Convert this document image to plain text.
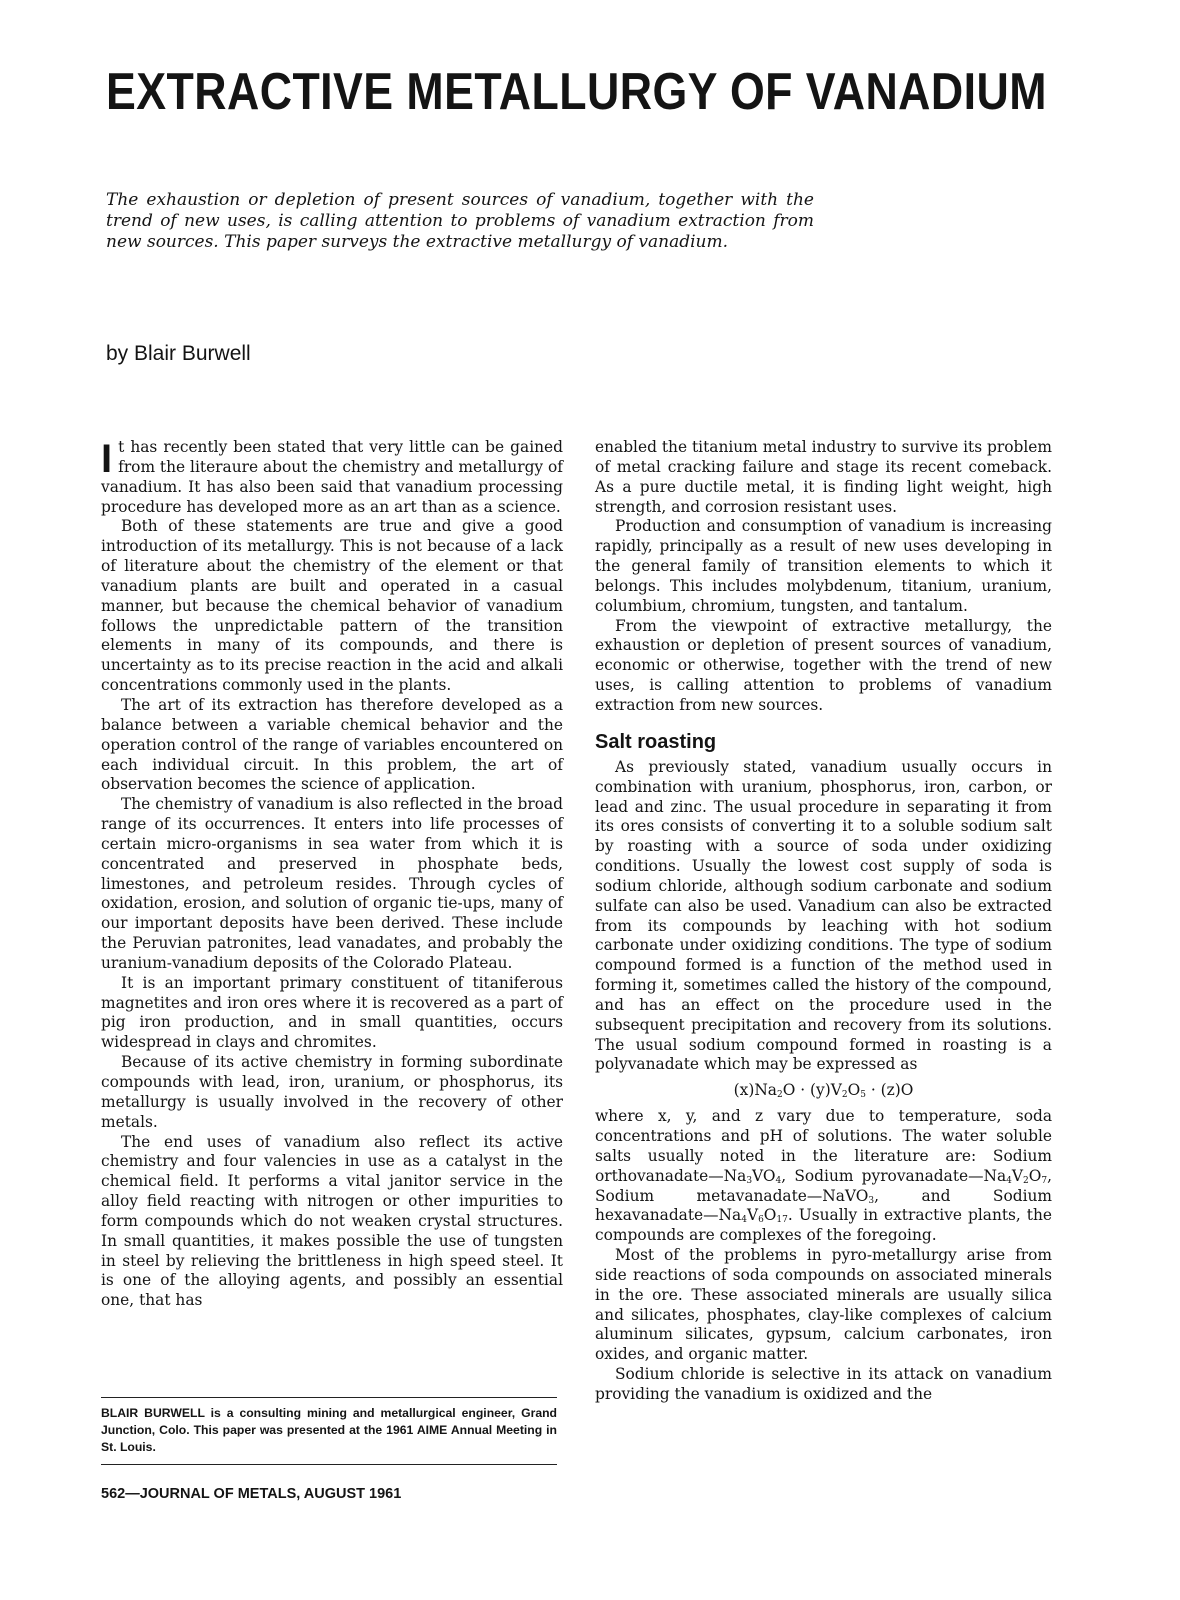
EXTRACTIVE METALLURGY OF VANADIUM

The exhaustion or depletion of present sources of vanadium, together with the trend of new uses, is calling attention to problems of vanadium extraction from new sources. This paper surveys the extractive metallurgy of vanadium.

by Blair Burwell

It has recently been stated that very little can be gained from the literaure about the chemistry and metallurgy of vanadium. It has also been said that vanadium processing procedure has developed more as an art than as a science.

Both of these statements are true and give a good introduction of its metallurgy. This is not because of a lack of literature about the chemistry of the element or that vanadium plants are built and operated in a casual manner, but because the chemical behavior of vanadium follows the unpredictable pattern of the transition elements in many of its compounds, and there is uncertainty as to its precise reaction in the acid and alkali concentrations commonly used in the plants.

The art of its extraction has therefore developed as a balance between a variable chemical behavior and the operation control of the range of variables encountered on each individual circuit. In this problem, the art of observation becomes the science of application.

The chemistry of vanadium is also reflected in the broad range of its occurrences. It enters into life processes of certain micro-organisms in sea water from which it is concentrated and preserved in phosphate beds, limestones, and petroleum resides. Through cycles of oxidation, erosion, and solution of organic tie-ups, many of our important deposits have been derived. These include the Peruvian patronites, lead vanadates, and probably the uranium-vanadium deposits of the Colorado Plateau.

It is an important primary constituent of titaniferous magnetites and iron ores where it is recovered as a part of pig iron production, and in small quantities, occurs widespread in clays and chromites.

Because of its active chemistry in forming subordinate compounds with lead, iron, uranium, or phosphorus, its metallurgy is usually involved in the recovery of other metals.

The end uses of vanadium also reflect its active chemistry and four valencies in use as a catalyst in the chemical field. It performs a vital janitor service in the alloy field reacting with nitrogen or other impurities to form compounds which do not weaken crystal structures. In small quantities, it makes possible the use of tungsten in steel by relieving the brittleness in high speed steel. It is one of the alloying agents, and possibly an essential one, that has

enabled the titanium metal industry to survive its problem of metal cracking failure and stage its recent comeback. As a pure ductile metal, it is finding light weight, high strength, and corrosion resistant uses.

Production and consumption of vanadium is increasing rapidly, principally as a result of new uses developing in the general family of transition elements to which it belongs. This includes molybdenum, titanium, uranium, columbium, chromium, tungsten, and tantalum.

From the viewpoint of extractive metallurgy, the exhaustion or depletion of present sources of vanadium, economic or otherwise, together with the trend of new uses, is calling attention to problems of vanadium extraction from new sources.

Salt roasting

As previously stated, vanadium usually occurs in combination with uranium, phosphorus, iron, carbon, or lead and zinc. The usual procedure in separating it from its ores consists of converting it to a soluble sodium salt by roasting with a source of soda under oxidizing conditions. Usually the lowest cost supply of soda is sodium chloride, although sodium carbonate and sodium sulfate can also be used. Vanadium can also be extracted from its compounds by leaching with hot sodium carbonate under oxidizing conditions. The type of sodium compound formed is a function of the method used in forming it, sometimes called the history of the compound, and has an effect on the procedure used in the subsequent precipitation and recovery from its solutions. The usual sodium compound formed in roasting is a polyvanadate which may be expressed as

$(x)Na_2O \cdot (y)V_2O_5 \cdot (z)O$

where x, y, and z vary due to temperature, soda concentrations and pH of solutions. The water soluble salts usually noted in the literature are: Sodium $orthovanadate—Na_3VO_4$, Sodium $pyrovanadate—Na_4V_2O_7$, Sodium metavanadate—NaVO$_3$, and Sodium $hexavanadate—Na_4V_6O_{17}$. Usually in extractive plants, the compounds are complexes of the foregoing.

Most of the problems in pyro-metallurgy arise from side reactions of soda compounds on associated minerals in the ore. These associated minerals are usually silica and silicates, phosphates, clay-like complexes of calcium aluminum silicates, gypsum, calcium carbonates, iron oxides, and organic matter.

Sodium chloride is selective in its attack on vanadium providing the vanadium is oxidized and the

BLAIR BURWELL is a consulting mining and metallurgical engineer, Grand Junction, Colo. This paper was presented at the 1961 AIME Annual Meeting in St. Louis.

562—JOURNAL OF METALS, AUGUST 1961
